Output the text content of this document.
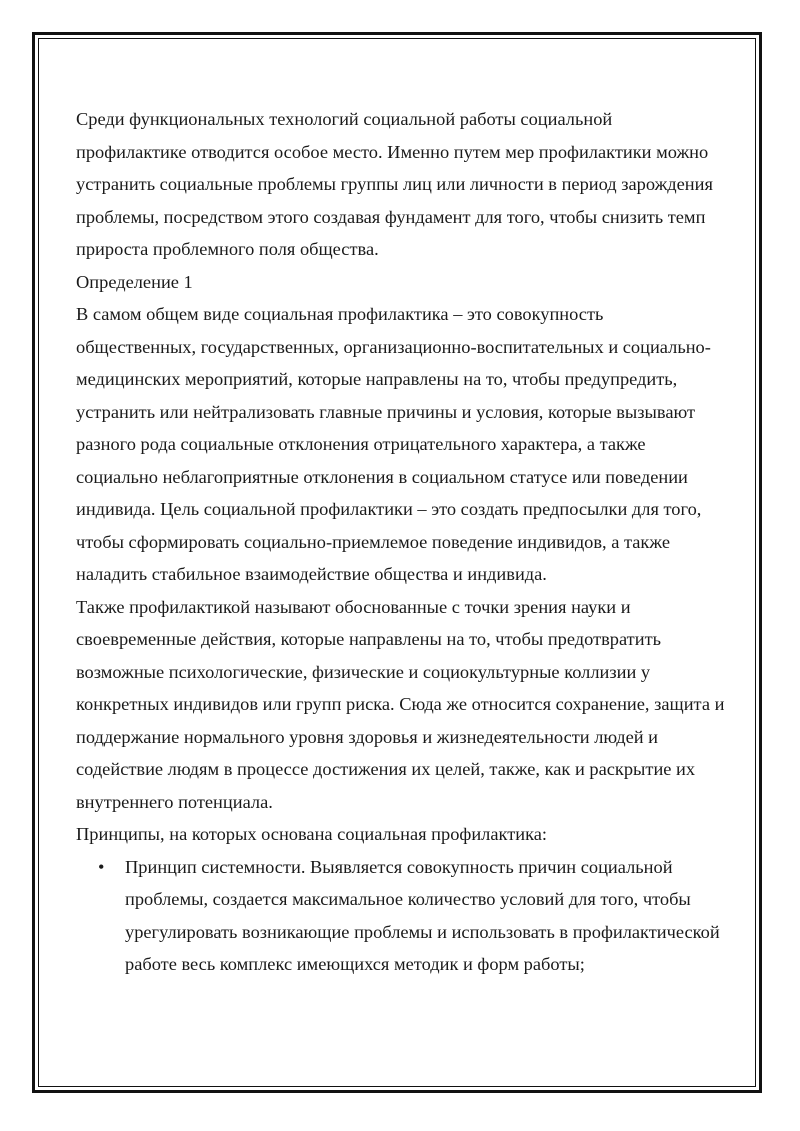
Среди функциональных технологий социальной работы социальной профилактике отводится особое место. Именно путем мер профилактики можно устранить социальные проблемы группы лиц или личности в период зарождения проблемы, посредством этого создавая фундамент для того, чтобы снизить темп прироста проблемного поля общества.

Определение 1

В самом общем виде социальная профилактика – это совокупность общественных, государственных, организационно-воспитательных и социально-медицинских мероприятий, которые направлены на то, чтобы предупредить, устранить или нейтрализовать главные причины и условия, которые вызывают разного рода социальные отклонения отрицательного характера, а также социально неблагоприятные отклонения в социальном статусе или поведении индивида. Цель социальной профилактики – это создать предпосылки для того, чтобы сформировать социально-приемлемое поведение индивидов, а также наладить стабильное взаимодействие общества и индивида.

Также профилактикой называют обоснованные с точки зрения науки и своевременные действия, которые направлены на то, чтобы предотвратить возможные психологические, физические и социокультурные коллизии у конкретных индивидов или групп риска. Сюда же относится сохранение, защита и поддержание нормального уровня здоровья и жизнедеятельности людей и содействие людям в процессе достижения их целей, также, как и раскрытие их внутреннего потенциала.

Принципы, на которых основана социальная профилактика:

• Принцип системности. Выявляется совокупность причин социальной проблемы, создается максимальное количество условий для того, чтобы урегулировать возникающие проблемы и использовать в профилактической работе весь комплекс имеющихся методик и форм работы;
